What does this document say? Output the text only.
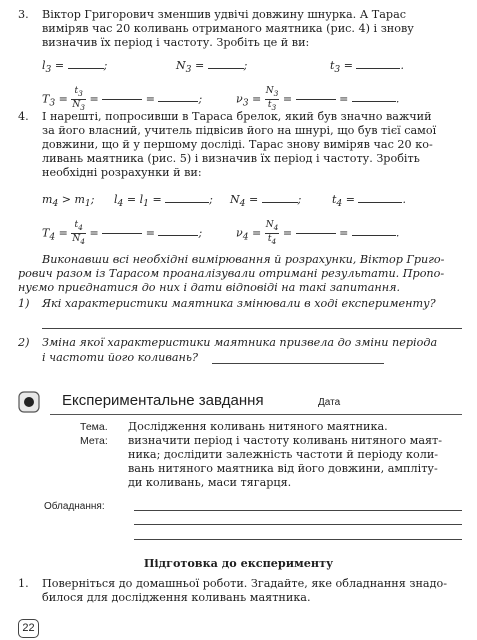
3. Віктор Григорович зменшив удвічі довжину шнурка. А Тарас
виміряв час 20 коливань отриманого маятника (рис. 4) і знову
визначив їх період і частоту. Зробіть це й ви:
$l_3$ =	;	$N_3$ =	;	$t_3$ =	.
$T_3 = \frac{t_3}{N_3}$ =

	=	;	$\nu_3 = \frac{N_3}{t_3}$ =

	=	.
4. І нарешті, попросивши в Тараса брелок, який був значно важчий
за його власний, учитель підвісив його на шнурі, що був тієї самої
довжини, що й у першому досліді. Тарас знову виміряв час 20 ко-
ливань маятника (рис. 5) і визначив їх період і частоту. Зробіть
необхідні розрахунки й ви:
$m_4 > m_1$; $l_4 = l_1$ =	; $N_4$ =	;	$t_4$ =	.
$T_4 = \frac{t_4}{N_4}$ =

	=	;	$\nu_4 = \frac{N_4}{t_4}$ =

	=	.
Виконавши всі необхідні вимірювання й розрахунки, Віктор Григо-
рович разом із Тарасом проаналізували отримані результати. Пропо-
нуємо приєднатися до них і дати відповіді на такі запитання.
1) Які характеристики маятника змінювали в ході експерименту?
2) Зміна якої характеристики маятника призвела до зміни періода
і частоти його коливань?
Експериментальне завдання	Дата
Тема. Дослідження коливань нитяного маятника.
Мета: визначити період і частоту коливань нитяного маят-
ника; дослідити залежність частоти й періоду коли-
вань нитяного маятника від його довжини, ампліту-
ди коливань, маси тягарця.
Обладнання:
Підготовка до експерименту
1. Поверніться до домашньої роботи. Згадайте, яке обладнання знадо-
билося для дослідження коливань маятника.
22
